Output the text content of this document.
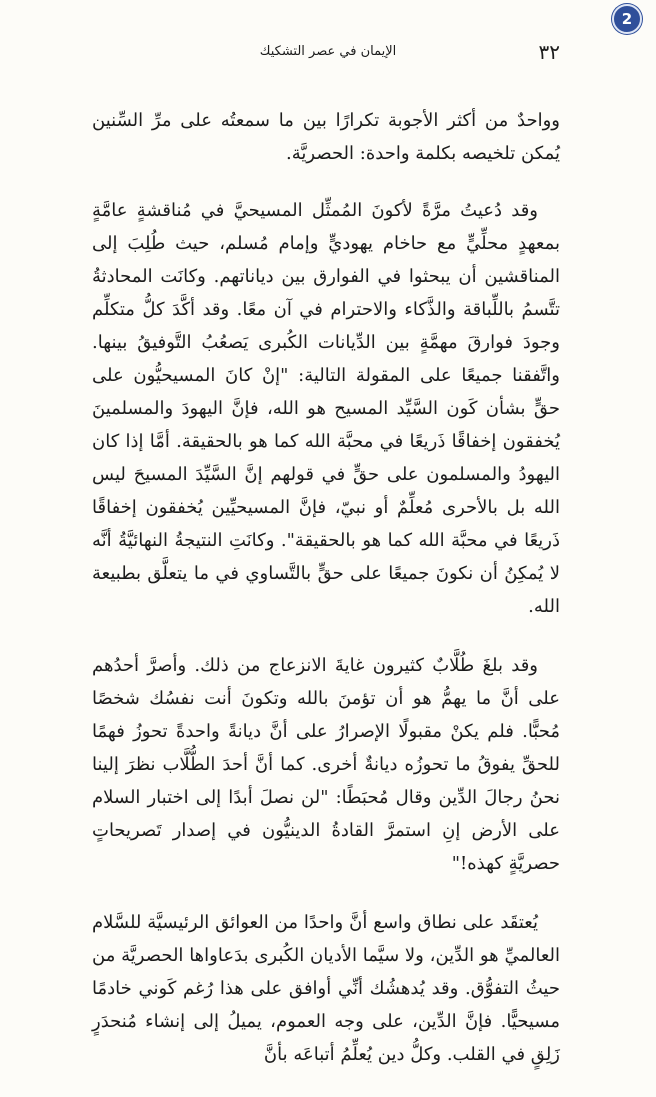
2
٣٢
الإيمان في عصر التشكيك

وواحدٌ من أكثر الأجوبة تكرارًا بين ما سمعتُه على مرِّ السِّنين يُمكن تلخيصه بكلمة واحدة: الحصريَّة.

وقد دُعيتُ مرَّةً لأكونَ المُمثِّل المسيحيَّ في مُناقشةٍ عامَّةٍ بمعهدٍ محلِّيٍّ مع حاخام يهوديٍّ وإمام مُسلم، حيث طُلِبَ إلى المناقشين أن يبحثوا في الفوارق بين دياناتهم. وكانَت المحادثةُ تتَّسمُ باللِّباقة والذَّكاء والاحترام في آن معًا. وقد أكَّدَ كلُّ متكلِّم وجودَ فوارقَ مهمَّةٍ بين الدِّيانات الكُبرى يَصعُبُ التَّوفيقُ بينها. واتَّفقنا جميعًا على المقولة التالية: "إنْ كانَ المسيحيُّون على حقٍّ بشأن كَون السَّيِّد المسيح هو الله، فإنَّ اليهودَ والمسلمينَ يُخفقون إخفاقًا ذَريعًا في محبَّة الله كما هو بالحقيقة. أمَّا إذا كان اليهودُ والمسلمون على حقٍّ في قولهم إنَّ السَّيِّدَ المسيحَ ليس الله بل بالأحرى مُعلِّمٌ أو نبيّ، فإنَّ المسيحيِّين يُخفقون إخفاقًا ذَريعًا في محبَّة الله كما هو بالحقيقة". وكانَتِ النتيجةُ النهائيَّةُ أنَّه لا يُمكِنُ أن نكونَ جميعًا على حقٍّ بالتَّساوي في ما يتعلَّق بطبيعة الله.

وقد بلغَ طُلَّابٌ كثيرون غايةَ الانزعاج من ذلك. وأصرَّ أحدُهم على أنَّ ما يهمُّ هو أن تؤمنَ بالله وتكونَ أنت نفسُك شخصًا مُحبًّا. فلم يكنْ مقبولًا الإصرارُ على أنَّ ديانةً واحدةً تحوزُ فهمًا للحقِّ يفوقُ ما تحوزُه ديانةٌ أخرى. كما أنَّ أحدَ الطُّلَّاب نظرَ إلينا نحنُ رجالَ الدِّين وقال مُحبَطًا: "لن نصلَ أبدًا إلى اختبار السلام على الأرض إنِ استمرَّ القادةُ الدينيُّون في إصدار تَصريحاتٍ حصريَّةٍ كهذه!"

يُعتقَد على نطاق واسع أنَّ واحدًا من العوائق الرئيسيَّة للسَّلام العالميِّ هو الدِّين، ولا سيَّما الأديان الكُبرى بدَعاواها الحصريَّة من حيثُ التفوُّق. وقد يُدهشُك أنِّي أوافق على هذا رُغم كَوني خادمًا مسيحيًّا. فإنَّ الدِّين، على وجه العموم، يميلُ إلى إنشاء مُنحدَرٍ زَلِقٍ في القلب. وكلُّ دين يُعلِّمُ أتباعَه بأنَّ
